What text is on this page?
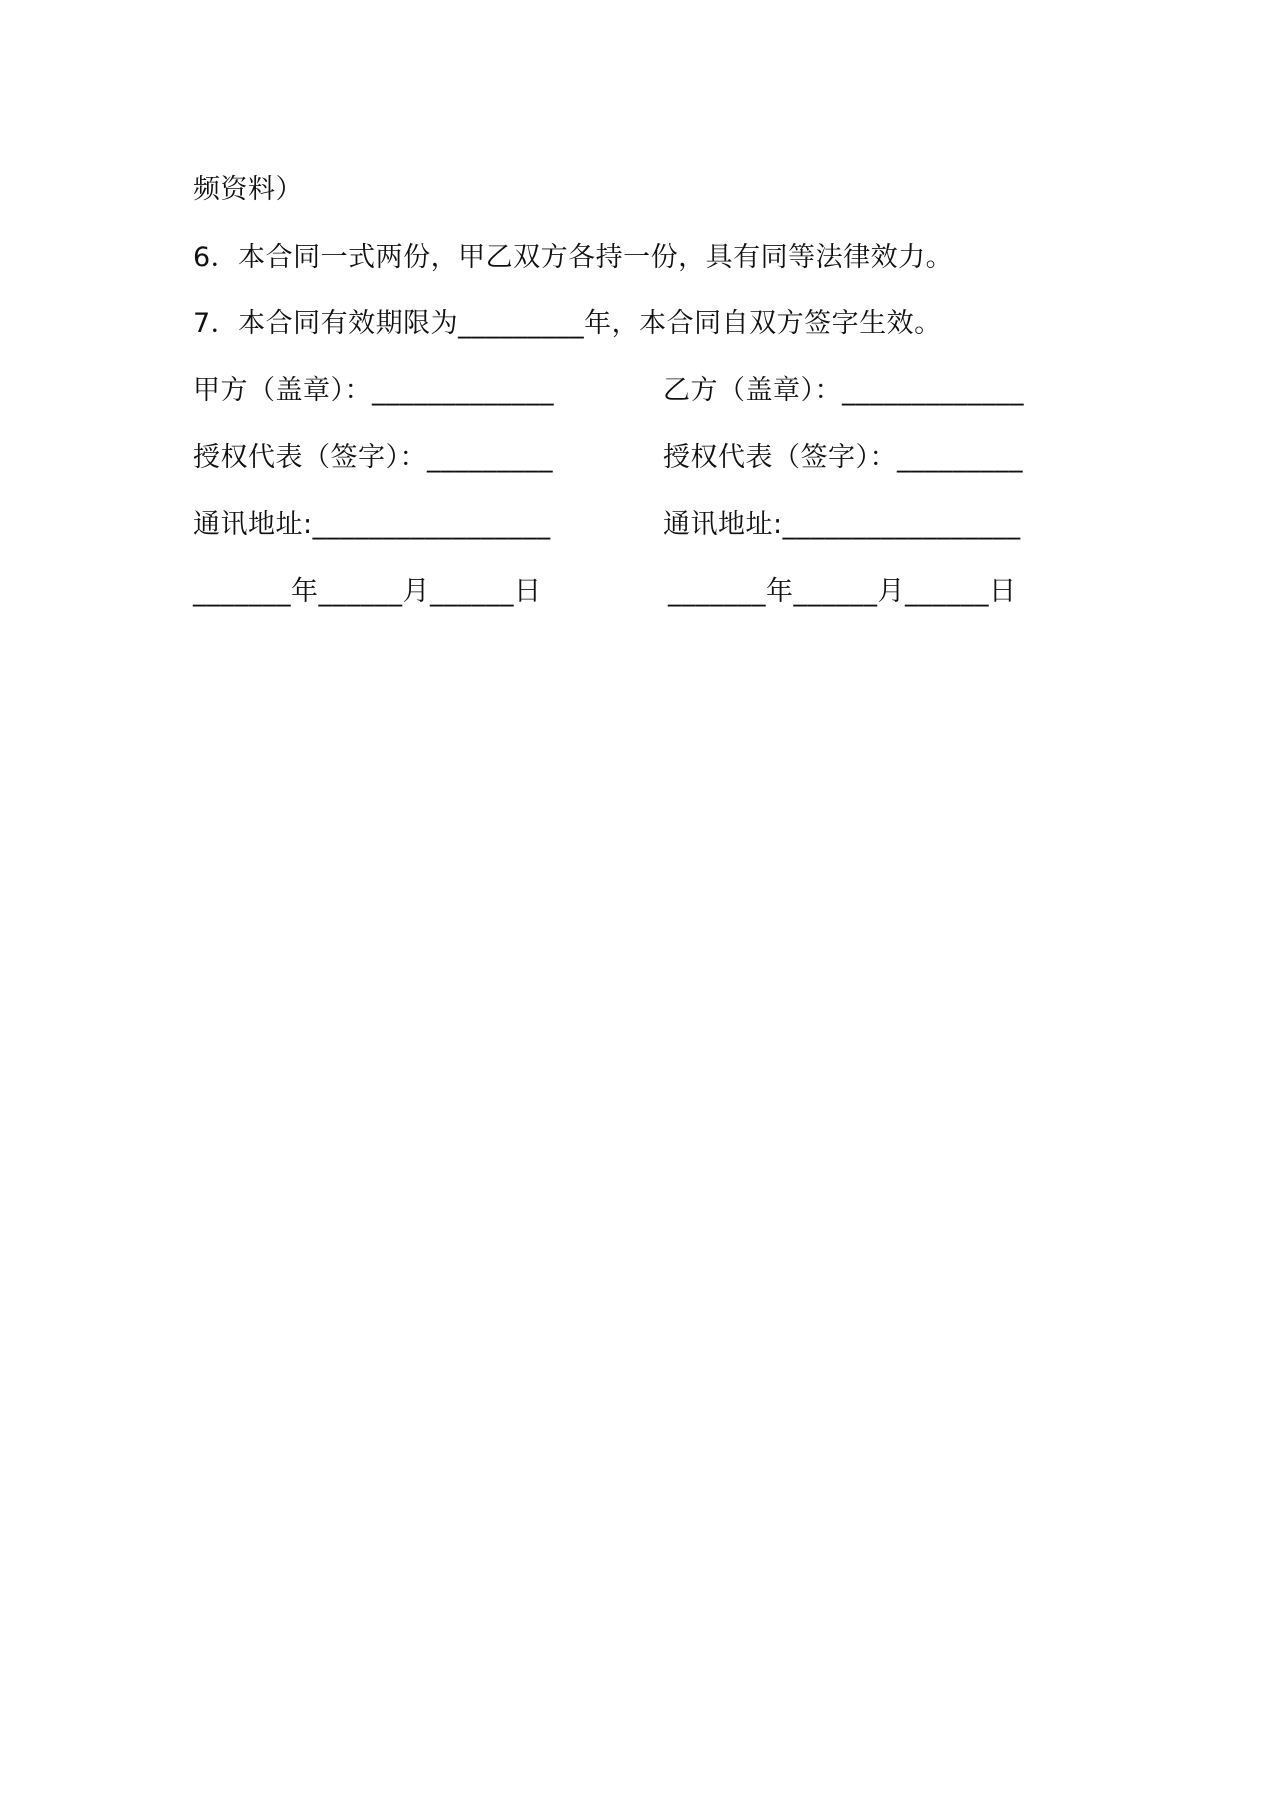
频资料）
6．本合同一式两份，甲乙双方各持一份，具有同等法律效力。
7．本合同有效期限为_________年，本合同自双方签字生效。
甲方（盖章）：_____________	乙方（盖章）：_____________
授权代表（签字）：_________	授权代表（签字）：_________
通讯地址:_________________	通讯地址:_________________
_______年______月______日	_______年______月______日
